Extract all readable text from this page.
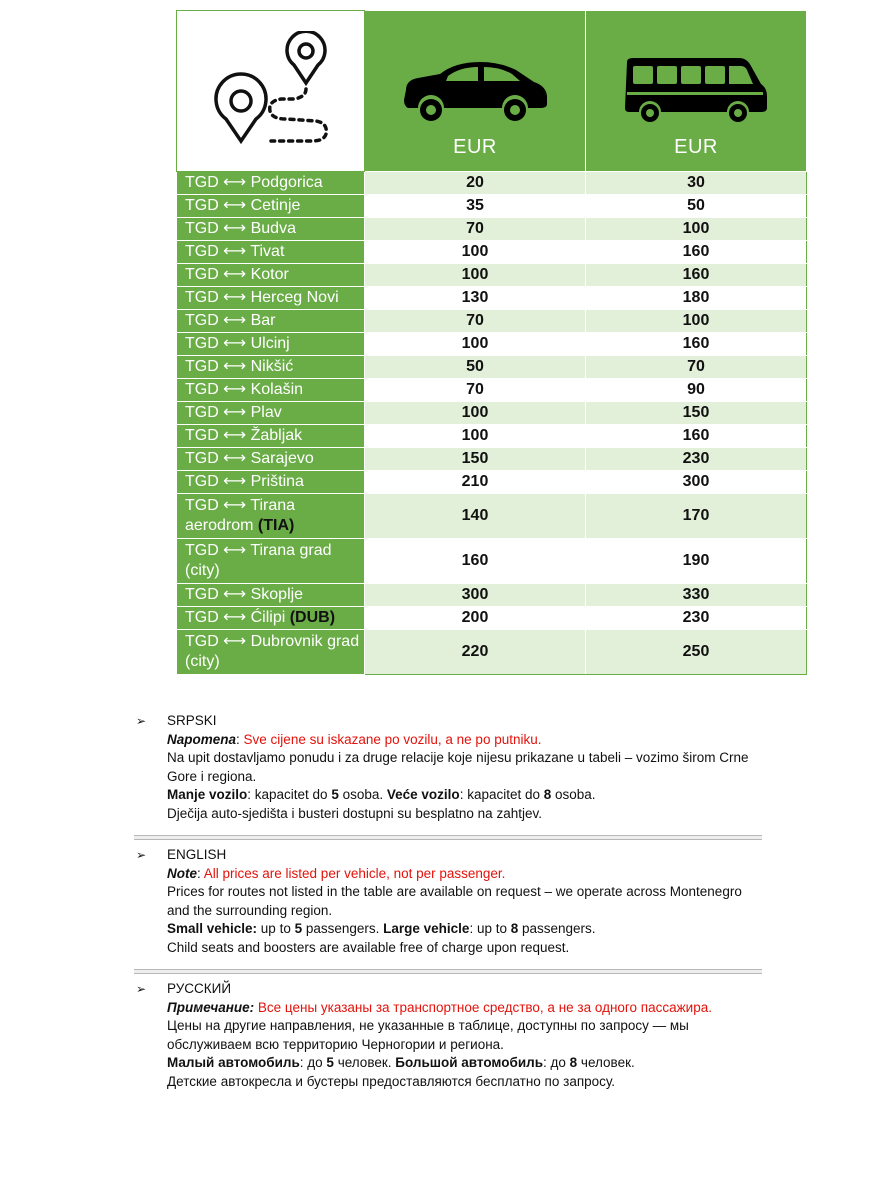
EUR	EUR

TGD ⟷ Podgorica	20	30
TGD ⟷ Cetinje	35	50
TGD ⟷ Budva	70	100
TGD ⟷ Tivat	100	160
TGD ⟷ Kotor	100	160
TGD ⟷ Herceg Novi	130	180
TGD ⟷ Bar	70	100
TGD ⟷ Ulcinj	100	160
TGD ⟷ Nikšić	50	70
TGD ⟷ Kolašin	70	90
TGD ⟷ Plav	100	150
TGD ⟷ Žabljak	100	160
TGD ⟷ Sarajevo	150	230
TGD ⟷ Priština	210	300
TGD ⟷ Tirana aerodrom (TIA)	140	170
TGD ⟷ Tirana grad (city)	160	190
TGD ⟷ Skoplje	300	330
TGD ⟷ Ćilipi (DUB)	200	230
TGD ⟷ Dubrovnik grad (city)	220	250
➢ SRPSKI

Napomena: Sve cijene su iskazane po vozilu, a ne po putniku.

Na upit dostavljamo ponudu i za druge relacije koje nijesu prikazane u tabeli – vozimo širom Crne Gore i regiona.

Manje vozilo: kapacitet do 5 osoba. Veće vozilo: kapacitet do 8 osoba.

Dječija auto-sjedišta i busteri dostupni su besplatno na zahtjev.

➢ ENGLISH

Note: All prices are listed per vehicle, not per passenger.

Prices for routes not listed in the table are available on request – we operate across Montenegro and the surrounding region.

Small vehicle: up to 5 passengers. Large vehicle: up to 8 passengers.

Child seats and boosters are available free of charge upon request.

➢ РУССКИЙ

Примечание: Все цены указаны за транспортное средство, а не за одного пассажира.

Цены на другие направления, не указанные в таблице, доступны по запросу — мы обслуживаем всю территорию Черногории и региона.

Малый автомобиль: до 5 человек. Большой автомобиль: до 8 человек.

Детские автокресла и бустеры предоставляются бесплатно по запросу.
